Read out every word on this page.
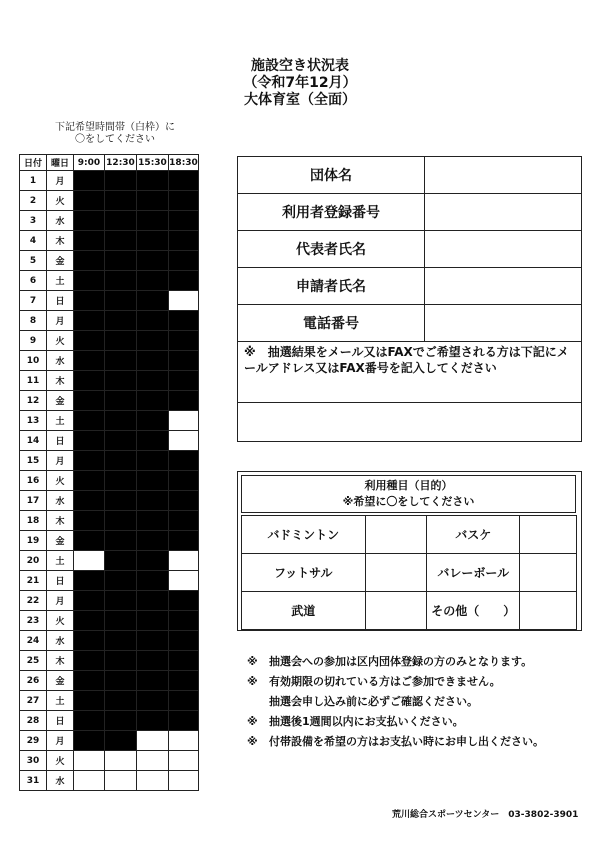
施設空き状況表
（令和7年12月）
大体育室（全面）
下記希望時間帯（白枠）に
〇をしてください
日付	曜日	9:00	12:30	15:30	18:30
1	月				
2	火				
3	水				
4	木				
5	金				
6	土				
7	日				
8	月				
9	火				
10	水				
11	木				
12	金				
13	土				
14	日				
15	月				
16	火				
17	水				
18	木				
19	金				
20	土				
21	日				
22	月				
23	火				
24	水				
25	木				
26	金				
27	土				
28	日				
29	月				
30	火				
31	水				
団体名	
利用者登録番号	
代表者氏名	
申請者氏名	
電話番号	
※　 抽選結果をメール又はFAXでご希望される方は下記にメールアドレス又はFAX番号を記入してください	

利用種目（目的）
※希望に〇をしてください
バドミントン		バスケ	
フットサル		バレーボール	
武道		その他（　　）	
※	抽選会への参加は区内団体登録の方のみとなります。
※	有効期限の切れている方はご参加できません。
抽選会申し込み前に必ずご確認ください。
※	抽選後1週間以内にお支払いください。
※	付帯設備を希望の方はお支払い時にお申し出ください。
荒川総合スポーツセンター　03-3802-3901
